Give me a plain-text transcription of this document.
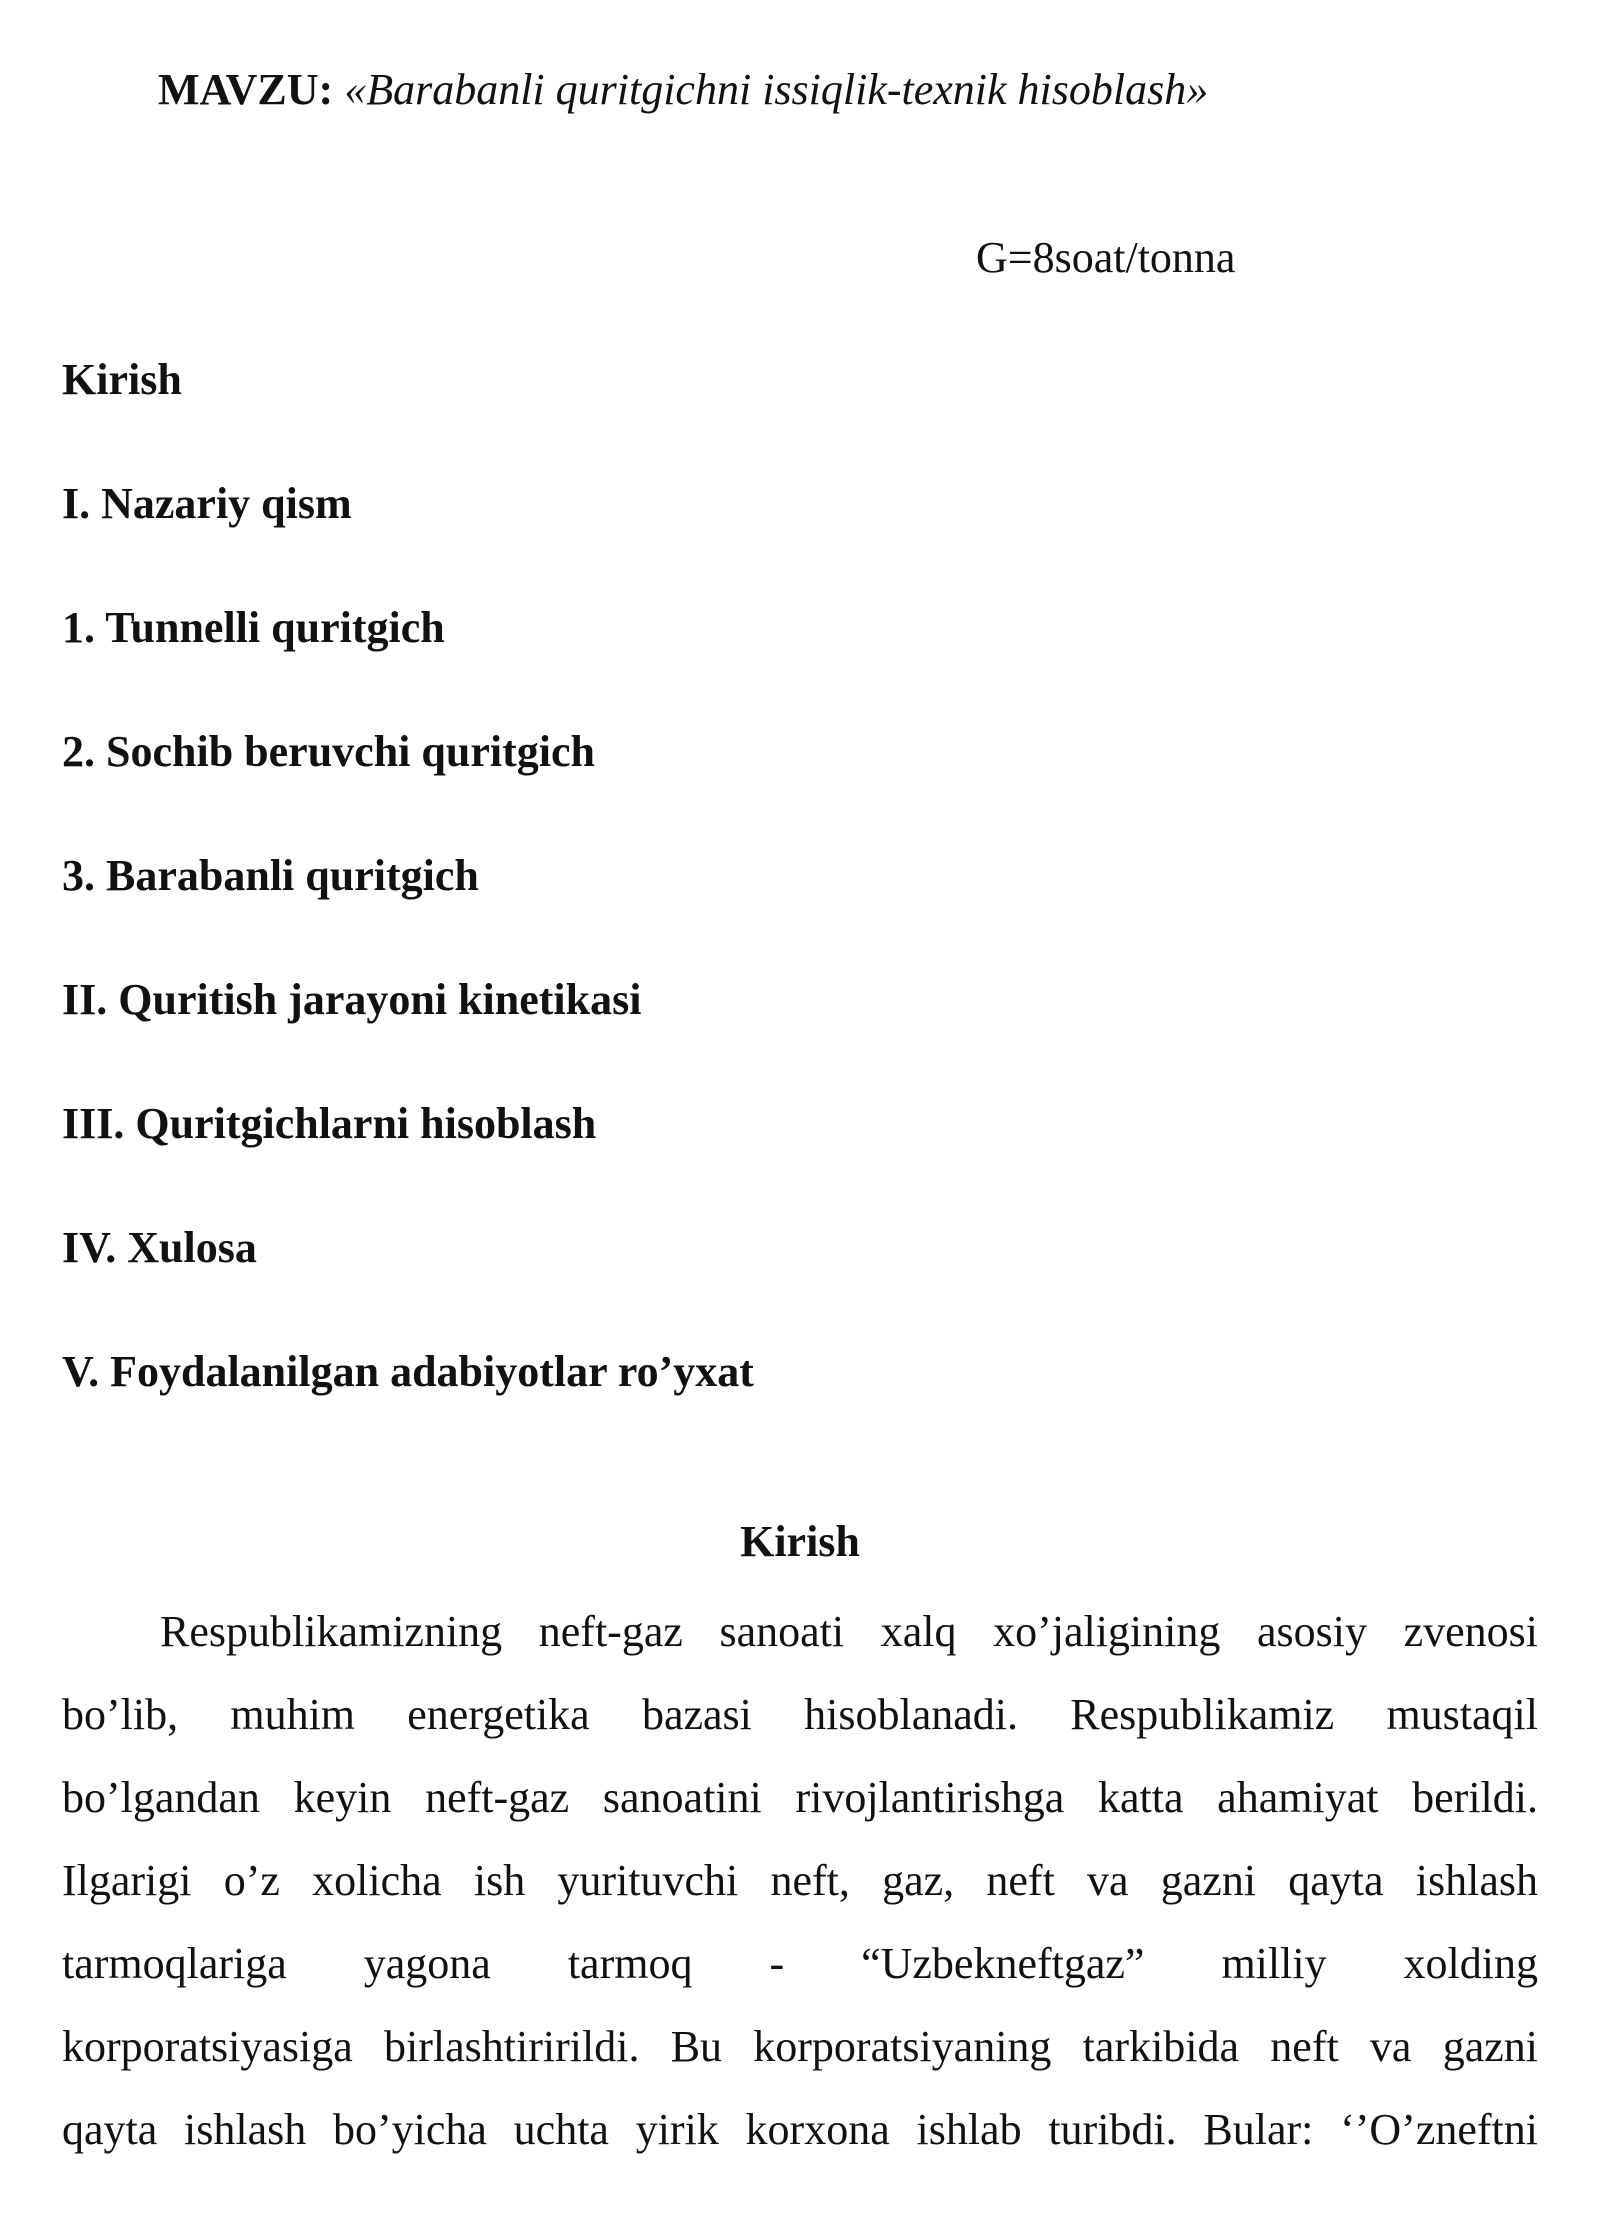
MAVZU: «Barabanli quritgichni issiqlik-texnik hisoblash»
G=8soat/tonna
Kirish
I. Nazariy qism
1. Tunnelli quritgich
2. Sochib beruvchi quritgich
3. Barabanli quritgich
II. Quritish jarayoni kinetikasi
III. Quritgichlarni hisoblash
IV. Xulosa
V. Foydalanilgan adabiyotlar ro’yxat
Kirish
Respublikamizning neft-gaz sanoati xalq xo’jaligining asosiy zvenosi
bo’lib, muhim energetika bazasi hisoblanadi. Respublikamiz mustaqil
bo’lgandan keyin neft-gaz sanoatini rivojlantirishga katta ahamiyat berildi.
Ilgarigi o’z xolicha ish yurituvchi neft, gaz, neft va gazni qayta ishlash
tarmoqlariga yagona tarmoq - “Uzbekneftgaz” milliy xolding
korporatsiyasiga birlashtiririldi. Bu korporatsiyaning tarkibida neft va gazni
qayta ishlash bo’yicha uchta yirik korxona ishlab turibdi. Bular: ‘’O’zneftni
